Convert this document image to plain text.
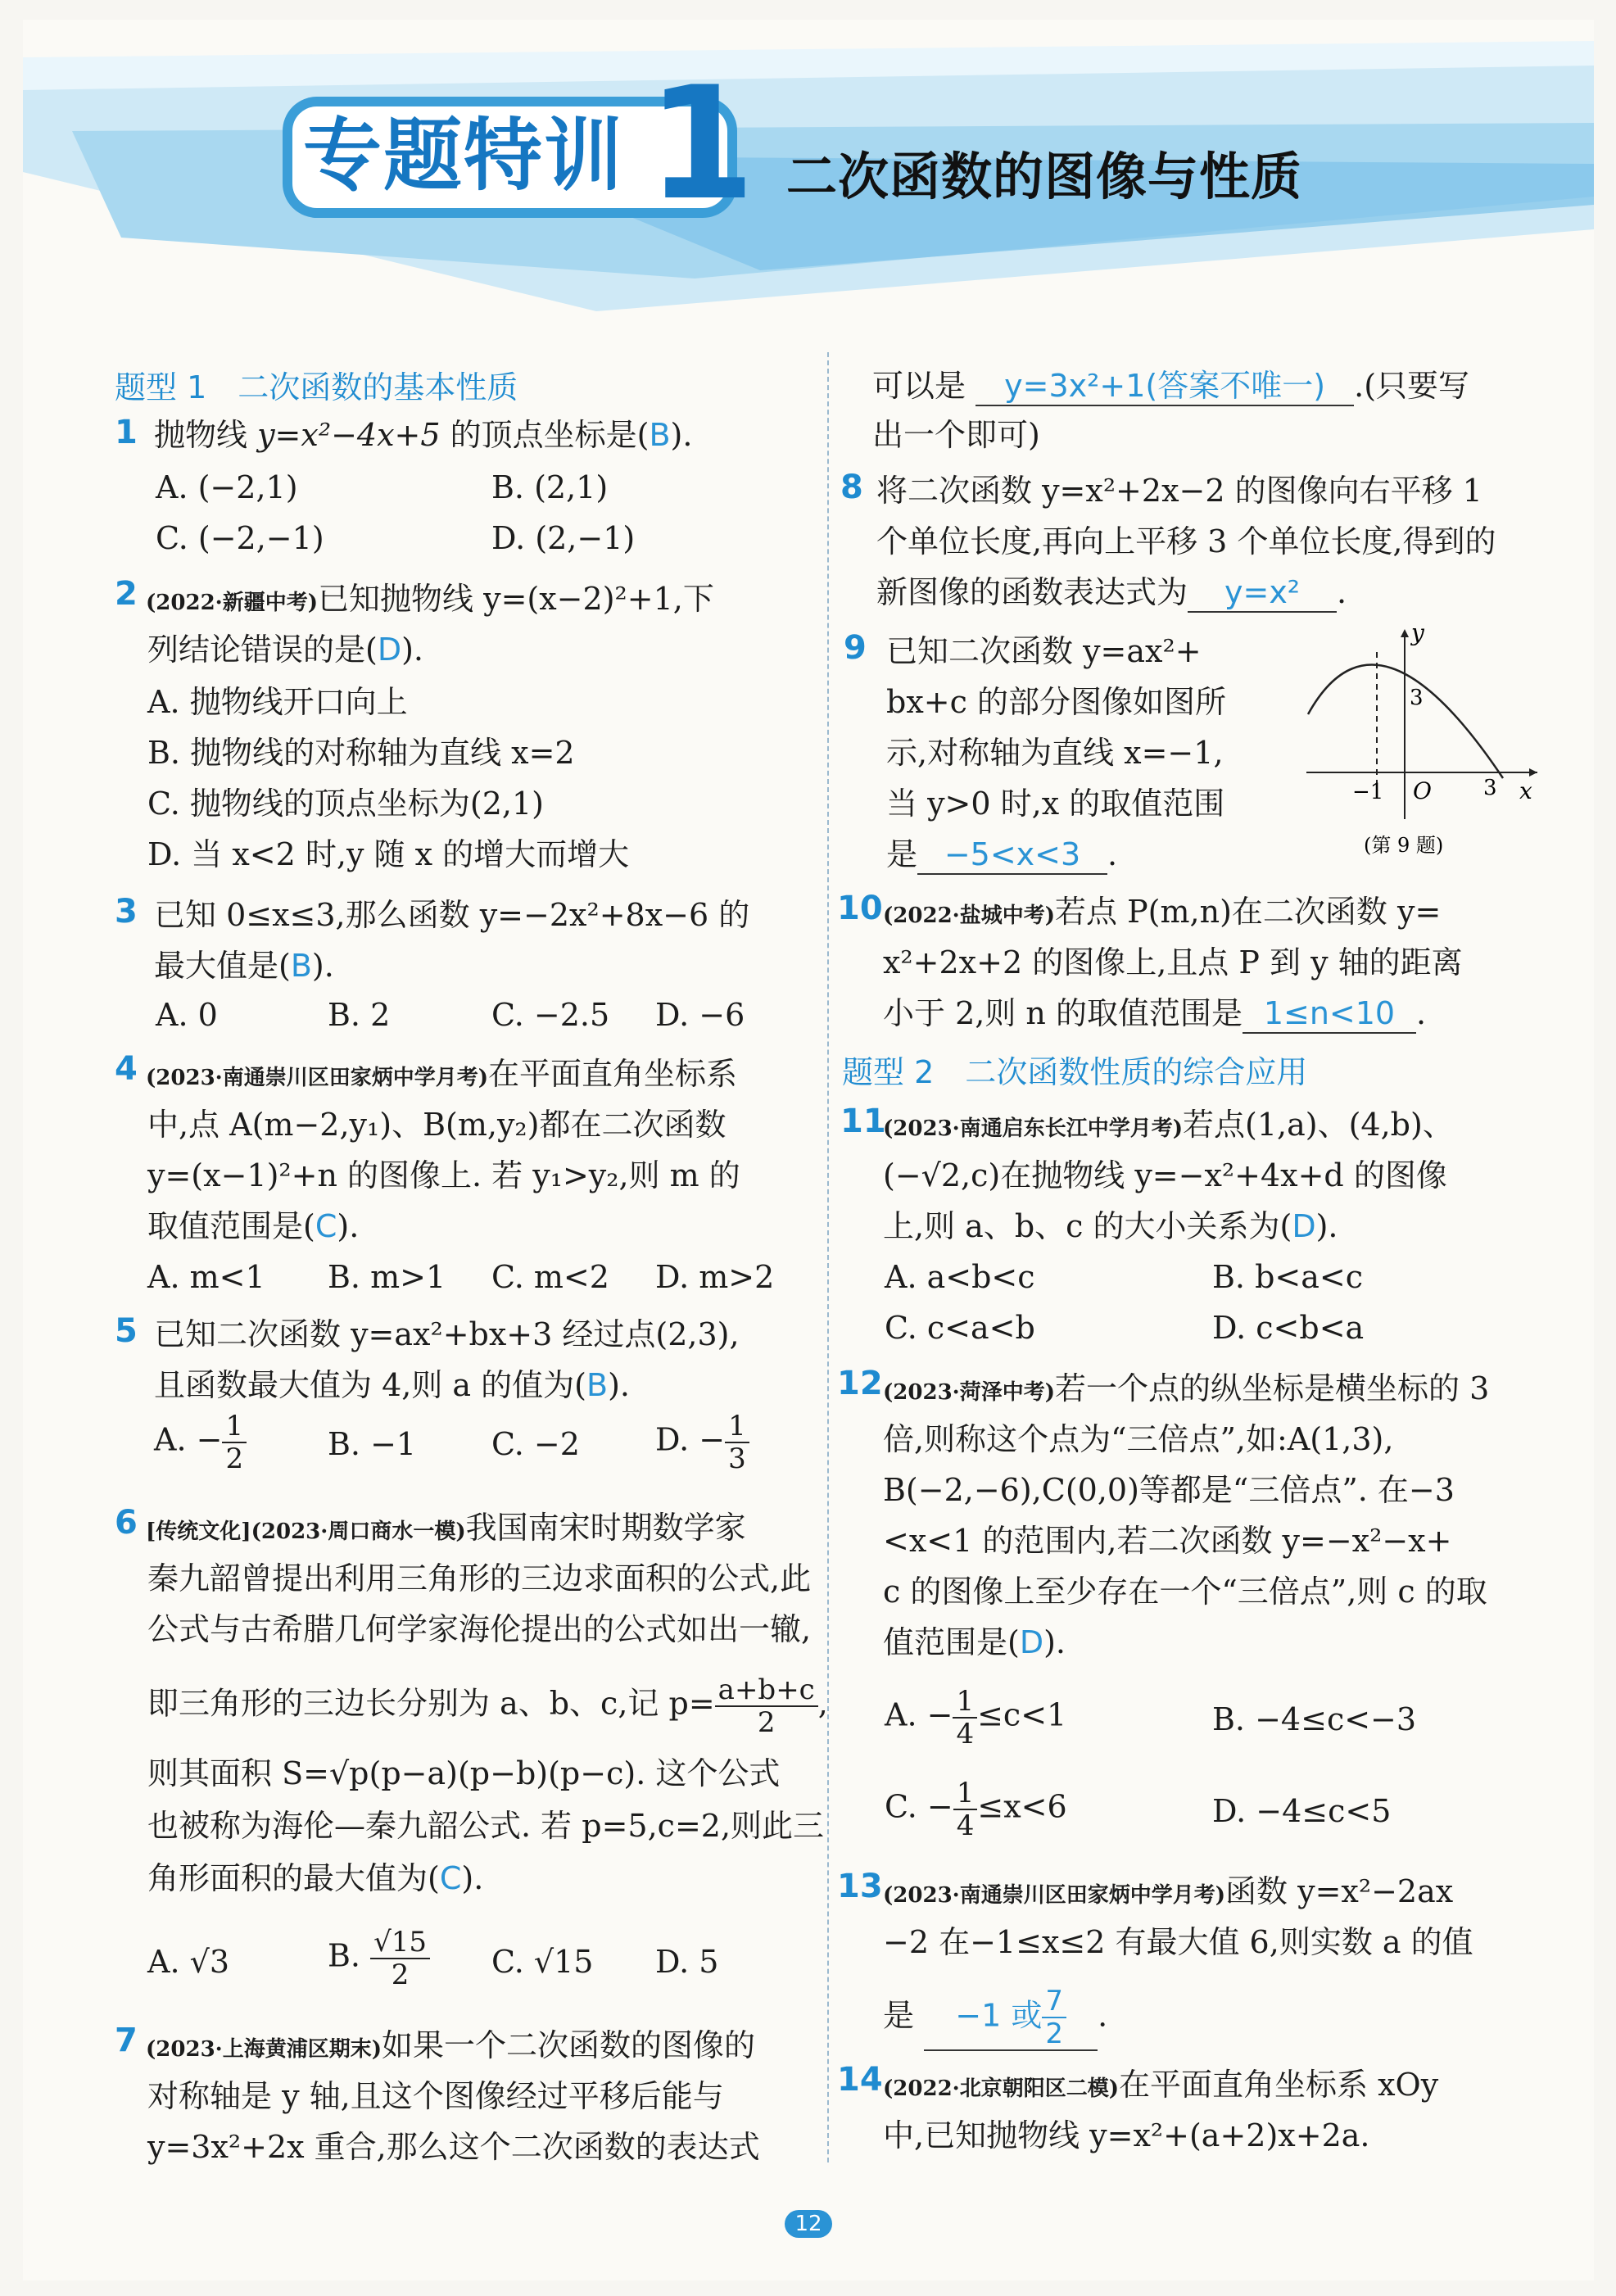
专题特训 1 二次函数的图像与性质
题型 1　二次函数的基本性质
1 抛物线 y=x²−4x+5 的顶点坐标是(B).
A. (−2,1)	B. (2,1)
C. (−2,−1)	D. (2,−1)
2 (2022·新疆中考)已知抛物线 y=(x−2)²+1,下
列结论错误的是(D).
A. 抛物线开口向上
B. 抛物线的对称轴为直线 x=2
C. 抛物线的顶点坐标为(2,1)
D. 当 x<2 时,y 随 x 的增大而增大
3 已知 0≤x≤3,那么函数 y=−2x²+8x−6 的
最大值是(B).
A. 0	B. 2	C. −2.5 D. −6
4 (2023·南通崇川区田家炳中学月考)在平面直角坐标系
中,点 A(m−2,y₁)、B(m,y₂)都在二次函数
y=(x−1)²+n 的图像上. 若 y₁>y₂,则 m 的
取值范围是(C).
A. m<1 B. m>1 C. m<2 D. m>2
5 已知二次函数 y=ax²+bx+3 经过点(2,3),
且函数最大值为 4,则 a 的值为(B).
A. − $\frac{1}{2}$	B. −1 C. −2 D. − $\frac{1}{3}$
6 [传统文化](2023·周口商水一模)我国南宋时期数学家
秦九韶曾提出利用三角形的三边求面积的公式,此
公式与古希腊几何学家海伦提出的公式如出一辙,
即三角形的三边长分别为 a、b、c,记 $p= \frac{a+b+c}{2}$ ,
则其面积 S=√p(p−a)(p−b)(p−c). 这个公式
也被称为海伦—秦九韶公式. 若 p=5,c=2,则此三
角形面积的最大值为(C).
A. √3	B. $\frac{√15}{2} C$. √15 D. 5
7 (2023·上海黄浦区期末)如果一个二次函数的图像的
对称轴是 y 轴,且这个图像经过平移后能与
y=3x²+2x 重合,那么这个二次函数的表达式
可以是 y=3x²+1(答案不唯一) .(只要写
出一个即可)
8 将二次函数 y=x²+2x−2 的图像向右平移 1
个单位长度,再向上平移 3 个单位长度,得到的
新图像的函数表达式为 y=x² .
9 已知二次函数 y=ax²+
bx+c 的部分图像如图所
示,对称轴为直线 x=−1,
当 y>0 时,x 的取值范围
是 −5<x<3 .
y
x
3
−1 O 3
(第 9 题)
10 (2022·盐城中考)若点 P(m,n)在二次函数 y=
x²+2x+2 的图像上,且点 P 到 y 轴的距离
小于 2,则 n 的取值范围是 1≤n<10 .
题型 2　二次函数性质的综合应用
11
(2023·南通启东长江中学月考)若点(1,a)、(4,b)、
(−√2,c)在抛物线 y=−x²+4x+d 的图像
上,则 a、b、c 的大小关系为(D).
A. a<b<c	B. b<a<c
C. c<a<b	D. c<b<a
12 (2023·菏泽中考)若一个点的纵坐标是横坐标的 3
倍,则称这个点为“三倍点”,如:A(1,3),
B(−2,−6),C(0,0)等都是“三倍点”. 在−3
<x<1 的范围内,若二次函数 y=−x²−x+
c 的图像上至少存在一个“三倍点”,则 c 的取
值范围是(D).
A. − $\frac{1}{4} \le c<1$	B. −4≤c<−3
C. − $\frac{1}{4} \le x<6$	D. −4≤c<5
13 (2023·南通崇川区田家炳中学月考)函数 y=x²−2ax
−2 在−1≤x≤2 有最大值 6,则实数 a 的值
是 −1 或 $\frac{7}{2}$ .
14 (2022·北京朝阳区二模)在平面直角坐标系 xOy
中,已知抛物线 y=x²+(a+2)x+2a.
12
